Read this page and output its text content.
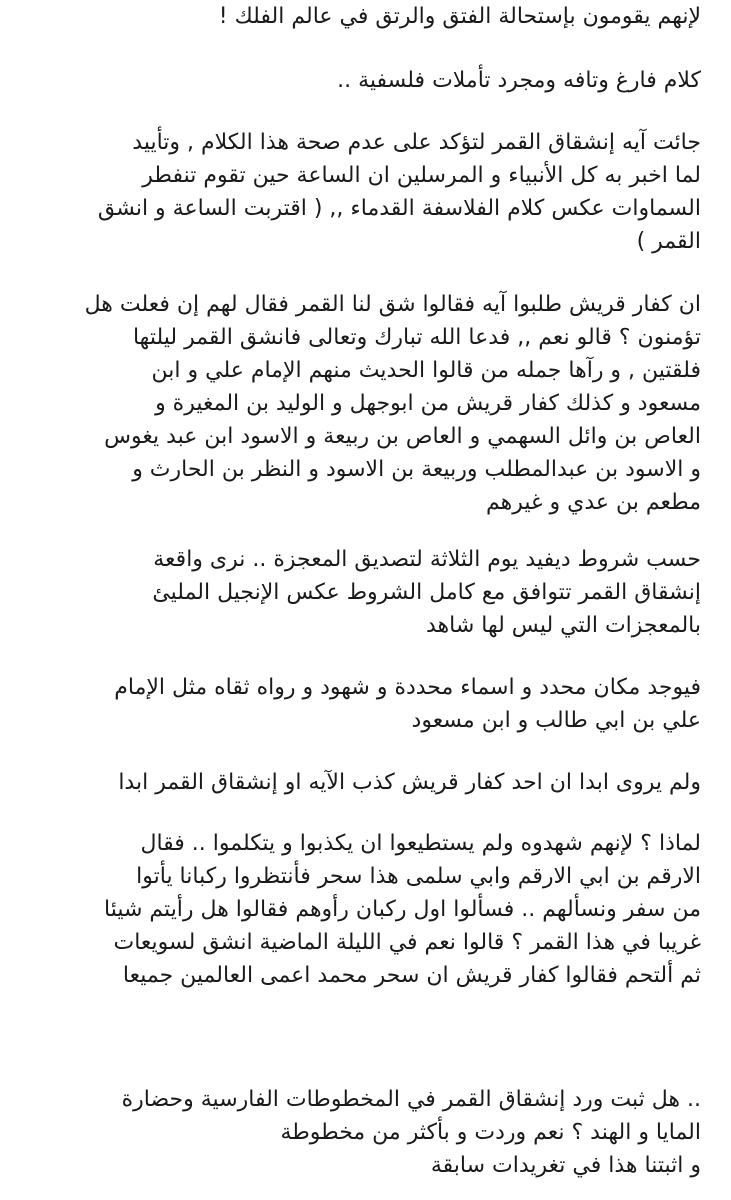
لإنهم يقومون بإستحالة الفتق والرتق في عالم الفلك !
كلام فارغ وتافه ومجرد تأملات فلسفية ..
جائت آيه إنشقاق القمر لتؤكد على عدم صحة هذا الكلام , وتأييد
لما اخبر به كل الأنبياء و المرسلين ان الساعة حين تقوم تنفطر
السماوات عكس كلام الفلاسفة القدماء ,, ( اقتربت الساعة و انشق
القمر )
ان كفار قريش طلبوا آيه فقالوا شق لنا القمر فقال لهم إن فعلت هل
تؤمنون ؟ قالو نعم ,, فدعا الله تبارك وتعالى فانشق القمر ليلتها
فلقتين , و رآها جمله من قالوا الحديث منهم الإمام علي و ابن
مسعود و كذلك كفار قريش من ابوجهل و الوليد بن المغيرة و
العاص بن وائل السهمي و العاص بن ربيعة و الاسود ابن عبد يغوس
و الاسود بن عبدالمطلب وربيعة بن الاسود و النظر بن الحارث و
مطعم بن عدي و غيرهم
حسب شروط ديفيد يوم الثلاثة لتصديق المعجزة .. نرى واقعة
إنشقاق القمر تتوافق مع كامل الشروط عكس الإنجيل المليئ
بالمعجزات التي ليس لها شاهد
فيوجد مكان محدد و اسماء محددة و شهود و رواه ثقاه مثل الإمام
علي بن ابي طالب و ابن مسعود
ولم يروى ابدا ان احد كفار قريش كذب الآيه او إنشقاق القمر ابدا
لماذا ؟ لإنهم شهدوه ولم يستطيعوا ان يكذبوا و يتكلموا .. فقال
الارقم بن ابي الارقم وابي سلمى هذا سحر فأنتظروا ركبانا يأتوا
من سفر ونسألهم .. فسألوا اول ركبان رأوهم فقالوا هل رأيتم شيئا
غريبا في هذا القمر ؟ قالوا نعم في الليلة الماضية انشق لسويعات
ثم ألتحم فقالوا كفار قريش ان سحر محمد اعمى العالمين جميعا
.. هل ثبت ورد إنشقاق القمر في المخطوطات الفارسية وحضارة
المايا و الهند ؟ نعم وردت و بأكثر من مخطوطة
و اثبتنا هذا في تغريدات سابقة
